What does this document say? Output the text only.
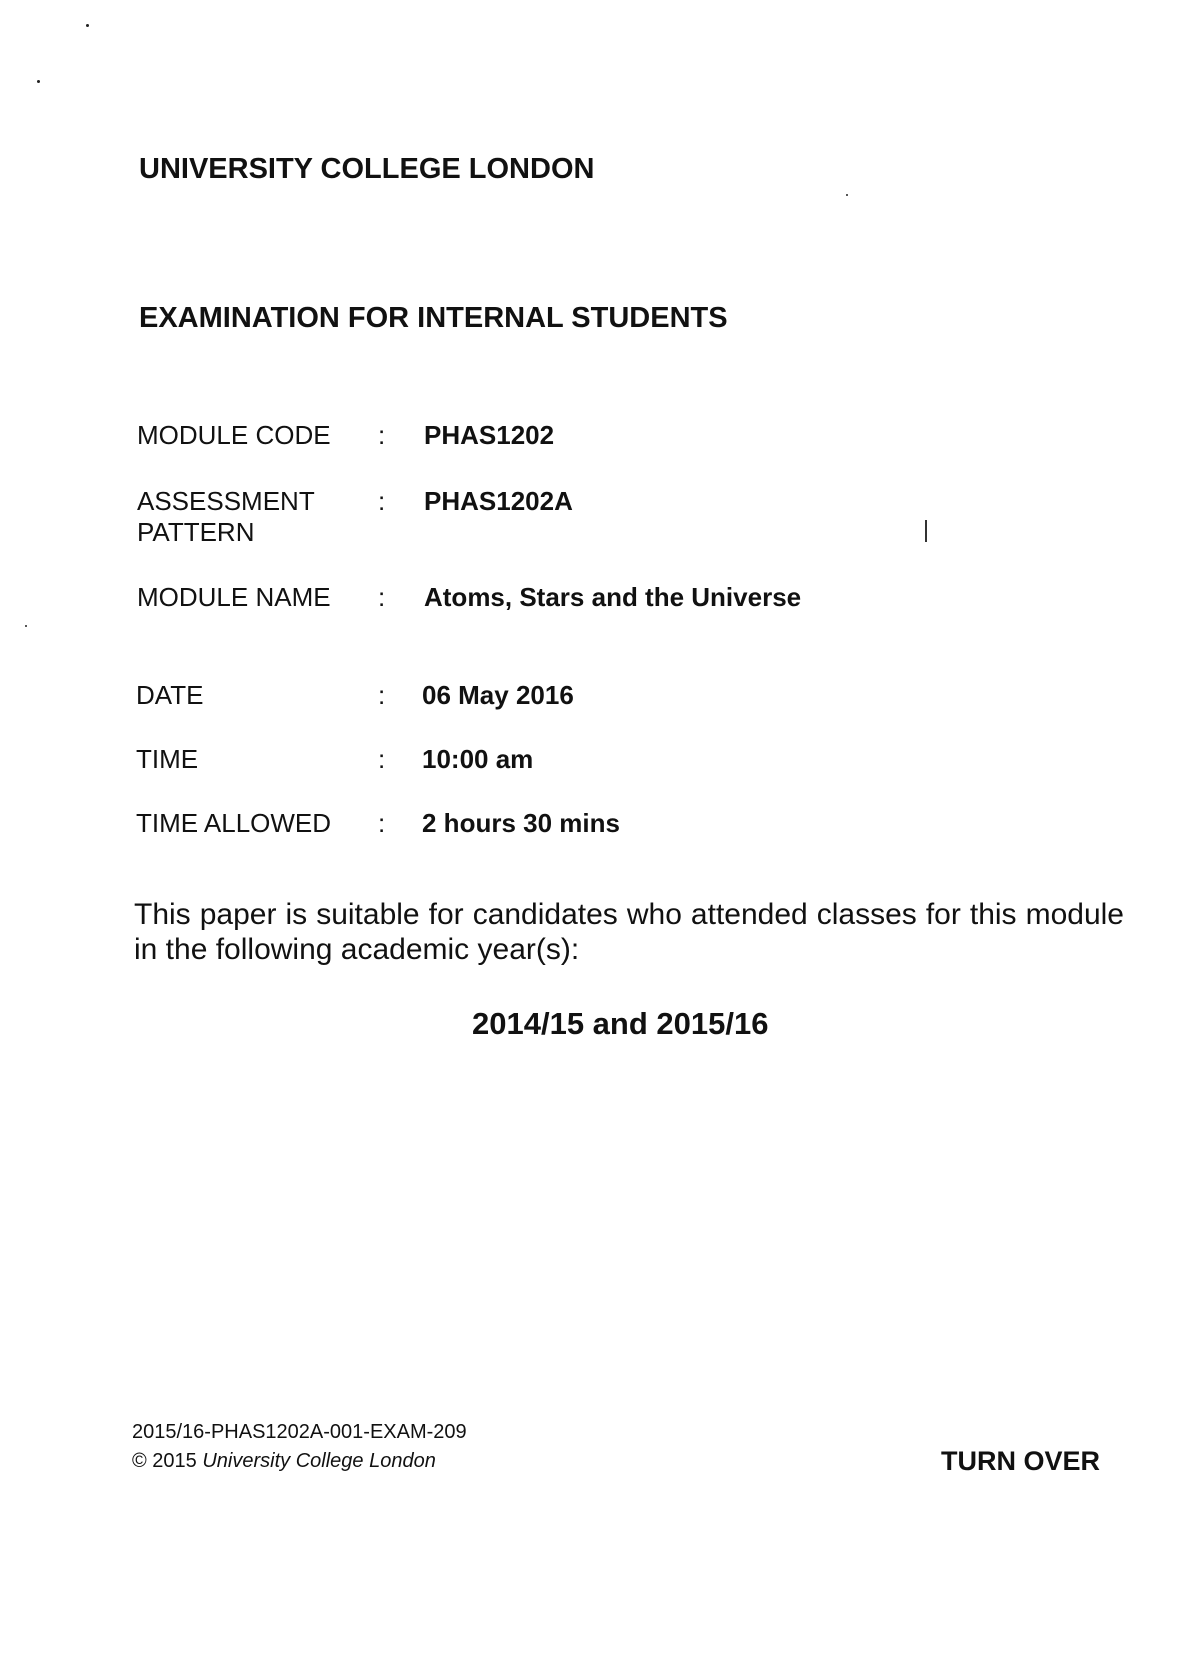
UNIVERSITY COLLEGE LONDON
EXAMINATION FOR INTERNAL STUDENTS
MODULE CODE : PHAS1202
ASSESSMENT
PATTERN
: PHAS1202A
MODULE NAME : Atoms, Stars and the Universe
DATE	: 06 May 2016
TIME	: 10:00 am
TIME ALLOWED : 2 hours 30 mins
This paper is suitable for candidates who attended classes for this module in the following academic year(s):
2014/15 and 2015/16
2015/16-PHAS1202A-001-EXAM-209
© 2015 University College London	TURN OVER
